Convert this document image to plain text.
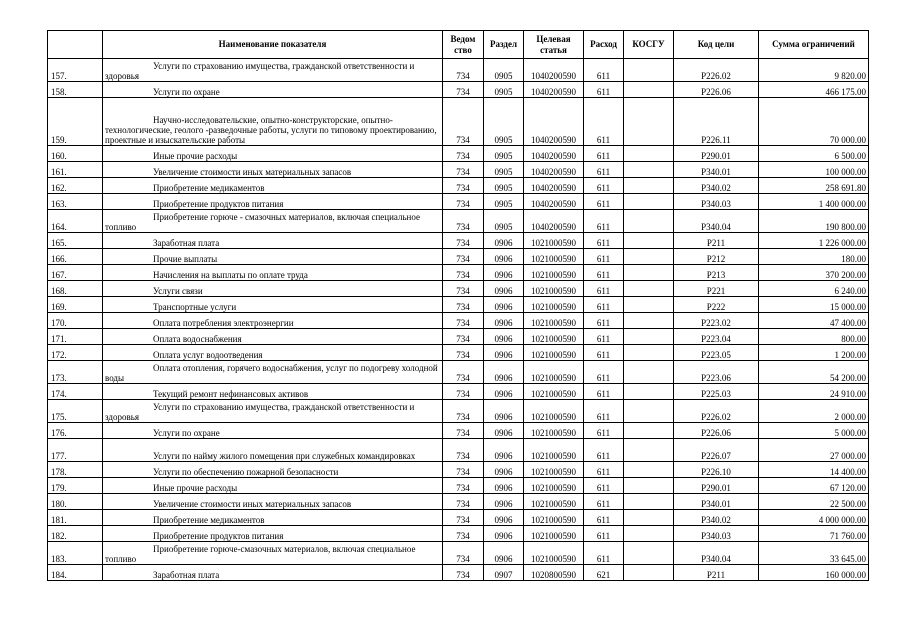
	Наименование показателя	Ведом ство	Раздел	Целевая статья	Расход	КОСГУ	Код цели	Сумма ограничений
157.	Услуги по страхованию имущества, гражданской ответственности и здоровья	734	0905	1040200590	611		P226.02	9 820.00
158.	Услуги по охране	734	0905	1040200590	611		P226.06	466 175.00
159.	Научно-исследовательские, опытно-конструкторские, опытно-технологические, геолого -разведочные работы, услуги по типовому проектированию, проектные и изыскательские работы	734	0905	1040200590	611		P226.11	70 000.00
160.	Иные прочие расходы	734	0905	1040200590	611		P290.01	6 500.00
161.	Увеличение стоимости иных материальных запасов	734	0905	1040200590	611		P340.01	100 000.00
162.	Приобретение медикаментов	734	0905	1040200590	611		P340.02	258 691.80
163.	Приобретение продуктов питания	734	0905	1040200590	611		P340.03	1 400 000.00
164.	Приобретение горюче - смазочных материалов, включая специальное топливо	734	0905	1040200590	611		P340.04	190 800.00
165.	Заработная плата	734	0906	1021000590	611		P211	1 226 000.00
166.	Прочие выплаты	734	0906	1021000590	611		P212	180.00
167.	Начисления на выплаты по оплате труда	734	0906	1021000590	611		P213	370 200.00
168.	Услуги связи	734	0906	1021000590	611		P221	6 240.00
169.	Транспортные услуги	734	0906	1021000590	611		P222	15 000.00
170.	Оплата потребления электроэнергии	734	0906	1021000590	611		P223.02	47 400.00
171.	Оплата водоснабжения	734	0906	1021000590	611		P223.04	800.00
172.	Оплата услуг водоотведения	734	0906	1021000590	611		P223.05	1 200.00
173.	Оплата отопления, горячего водоснабжения, услуг по подогреву холодной воды	734	0906	1021000590	611		P223.06	54 200.00
174.	Текущий ремонт нефинансовых активов	734	0906	1021000590	611		P225.03	24 910.00
175.	Услуги по страхованию имущества, гражданской ответственности и здоровья	734	0906	1021000590	611		P226.02	2 000.00
176.	Услуги по охране	734	0906	1021000590	611		P226.06	5 000.00
177.	Услуги по найму жилого помещения при служебных командировках	734	0906	1021000590	611		P226.07	27 000.00
178.	Услуги по обеспечению пожарной безопасности	734	0906	1021000590	611		P226.10	14 400.00
179.	Иные прочие расходы	734	0906	1021000590	611		P290.01	67 120.00
180.	Увеличение стоимости иных материальных запасов	734	0906	1021000590	611		P340.01	22 500.00
181.	Приобретение медикаментов	734	0906	1021000590	611		P340.02	4 000 000.00
182.	Приобретение продуктов питания	734	0906	1021000590	611		P340.03	71 760.00
183.	Приобретение горюче-смазочных материалов, включая специальное топливо	734	0906	1021000590	611		P340.04	33 645.00
184.	Заработная плата	734	0907	1020800590	621		P211	160 000.00
